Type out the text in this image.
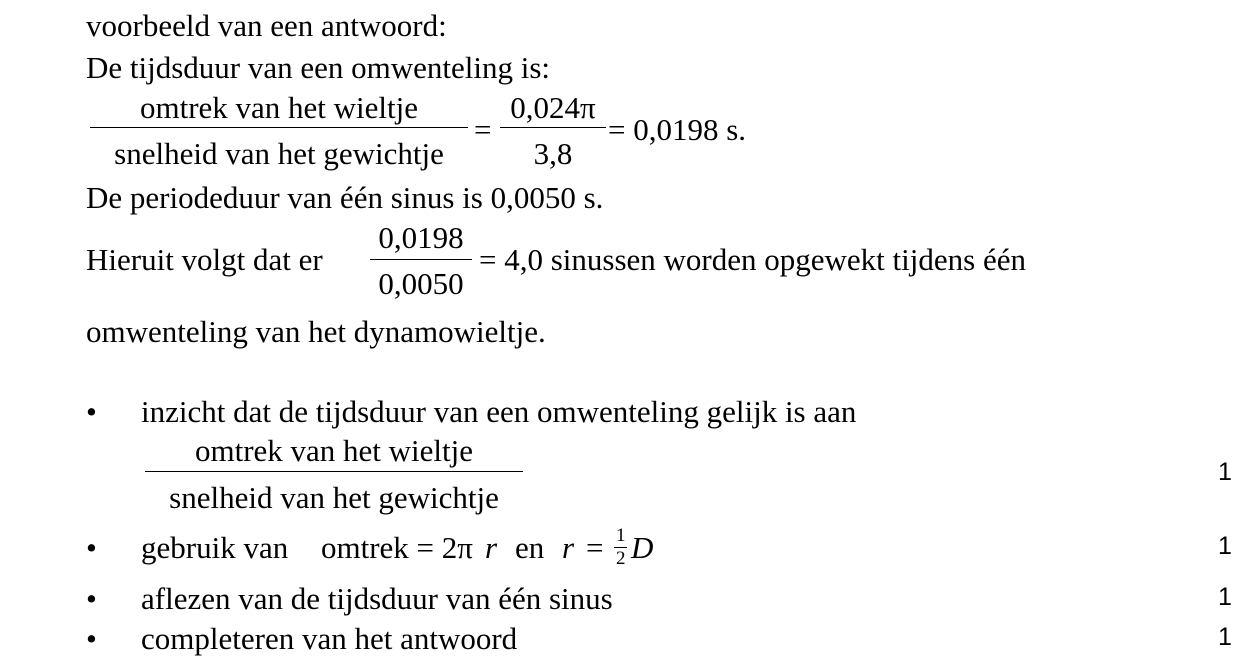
voorbeeld van een antwoord:
De tijdsduur van een omwenteling is:
omtrek van het wieltje
snelheid van het gewichtje
=
0,024π
3,8
= 0,0198 s.
De periodeduur van één sinus is 0,0050 s.
Hieruit volgt dat er
0,0198
0,0050
= 4,0 sinussen worden opgewekt tijdens één
omwenteling van het dynamowieltje.
• inzicht dat de tijdsduur van een omwenteling gelijk is aan
omtrek van het wieltje
snelheid van het gewichtje
1
• gebruik van omtrek = 2π r en r = 1
2 D	1
• aflezen van de tijdsduur van één sinus	1
• completeren van het antwoord	1
